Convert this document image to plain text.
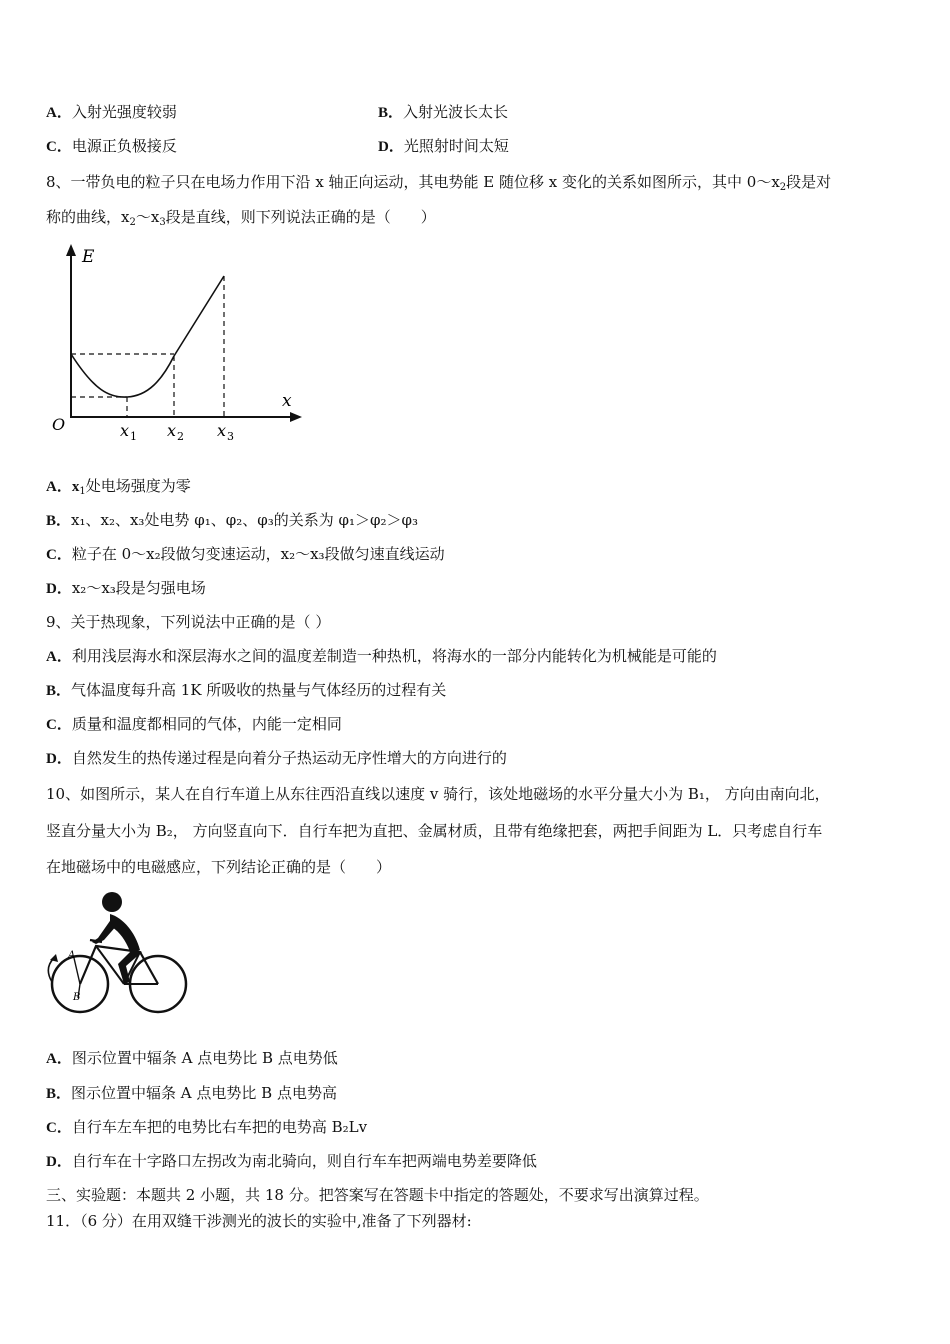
A．入射光强度较弱	B．入射光波长太长
C．电源正负极接反	D．光照射时间太短
8、一带负电的粒子只在电场力作用下沿 x 轴正向运动，其电势能 E 随位移 x 变化的关系如图所示，其中 $0\sim x_2$段是对
称的曲线，$x_2\sim x_3$段是直线，则下列说法正确的是（　　）
E
x
O	x 1 x 2 x 3
A．$x_1$处电场强度为零
B．x₁、x₂、x₃处电势 φ₁、φ₂、φ₃的关系为 φ₁＞φ₂＞φ₃
C．粒子在 0～x₂段做匀变速运动，x₂～x₃段做匀速直线运动
D．x₂～x₃段是匀强电场
9、关于热现象，下列说法中正确的是（ ）
A．利用浅层海水和深层海水之间的温度差制造一种热机，将海水的一部分内能转化为机械能是可能的
B．气体温度每升高 1K 所吸收的热量与气体经历的过程有关
C．质量和温度都相同的气体，内能一定相同
D．自然发生的热传递过程是向着分子热运动无序性增大的方向进行的
10、如图所示，某人在自行车道上从东往西沿直线以速度 v 骑行，该处地磁场的水平分量大小为 B₁， 方向由南向北，
竖直分量大小为 B₂， 方向竖直向下．自行车把为直把、金属材质，且带有绝缘把套，两把手间距为 L．只考虑自行车
在地磁场中的电磁感应，下列结论正确的是（　　）
A
B
A．图示位置中辐条 A 点电势比 B 点电势低
B．图示位置中辐条 A 点电势比 B 点电势高
C．自行车左车把的电势比右车把的电势高 B₂Lv
D．自行车在十字路口左拐改为南北骑向，则自行车车把两端电势差要降低
三、实验题：本题共 2 小题，共 18 分。把答案写在答题卡中指定的答题处，不要求写出演算过程。
11．（6 分）在用双缝干涉测光的波长的实验中,准备了下列器材:
